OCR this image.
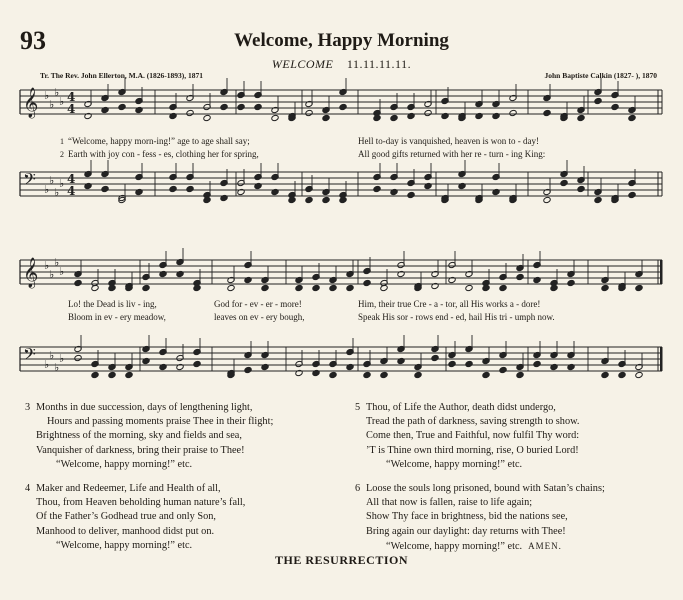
93	Welcome, Happy Morning
WELCOME 11.11.11.11.
Tr. The Rev. John Ellerton, M.A. (1826-1893), 1871	John Baptiste Calkin (1827- ), 1870
𝄞 ♭
♭
♭
♭ 4
4
1 “Welcome, happy morn-ing!” age to age shall say;	Hell to-day is vanquished, heaven is won to - day!
2 Earth with joy con - fess - es, clothing her for spring,	All good gifts returned with her re - turn - ing King:
𝄢 ♭
♭
♭
♭ 4
4
𝄞 ♭
♭
♭
♭
Lo! the Dead is liv - ing,	God for - ev - er - more!	Him, their true Cre - a - tor, all His works a - dore!
Bloom in ev - ery meadow,	leaves on ev - ery bough,	Speak His sor - rows end - ed, hail His tri - umph now.
𝄢 ♭
♭
♭
♭
3 Months in due succession, days of lengthening light,
Hours and passing moments praise Thee in their flight;
Brightness of the morning, sky and fields and sea,
Vanquisher of darkness, bring their praise to Thee!
“Welcome, happy morning!” etc.
5 Thou, of Life the Author, death didst undergo,
Tread the path of darkness, saving strength to show.
Come then, True and Faithful, now fulfil Thy word:
’T is Thine own third morning, rise, O buried Lord!
“Welcome, happy morning!” etc.
4 Maker and Redeemer, Life and Health of all,
Thou, from Heaven beholding human nature’s fall,
Of the Father’s Godhead true and only Son,
Manhood to deliver, manhood didst put on.
“Welcome, happy morning!” etc.
6 Loose the souls long prisoned, bound with Satan’s chains;
All that now is fallen, raise to life again;
Show Thy face in brightness, bid the nations see,
Bring again our daylight: day returns with Thee!
“Welcome, happy morning!” etc. AMEN.
THE RESURRECTION
